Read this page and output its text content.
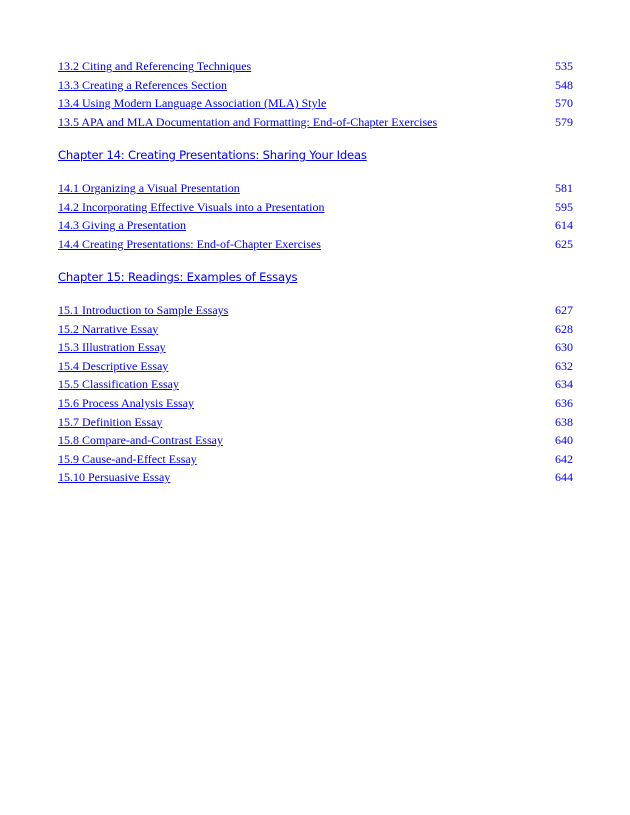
13.2 Citing and Referencing Techniques	535
13.3 Creating a References Section	548
13.4 Using Modern Language Association (MLA) Style	570
13.5 APA and MLA Documentation and Formatting: End-of-Chapter Exercises	579
Chapter 14: Creating Presentations: Sharing Your Ideas
14.1 Organizing a Visual Presentation	581
14.2 Incorporating Effective Visuals into a Presentation	595
14.3 Giving a Presentation	614
14.4 Creating Presentations: End-of-Chapter Exercises	625
Chapter 15: Readings: Examples of Essays
15.1 Introduction to Sample Essays	627
15.2 Narrative Essay	628
15.3 Illustration Essay	630
15.4 Descriptive Essay	632
15.5 Classification Essay	634
15.6 Process Analysis Essay	636
15.7 Definition Essay	638
15.8 Compare-and-Contrast Essay	640
15.9 Cause-and-Effect Essay	642
15.10 Persuasive Essay	644
